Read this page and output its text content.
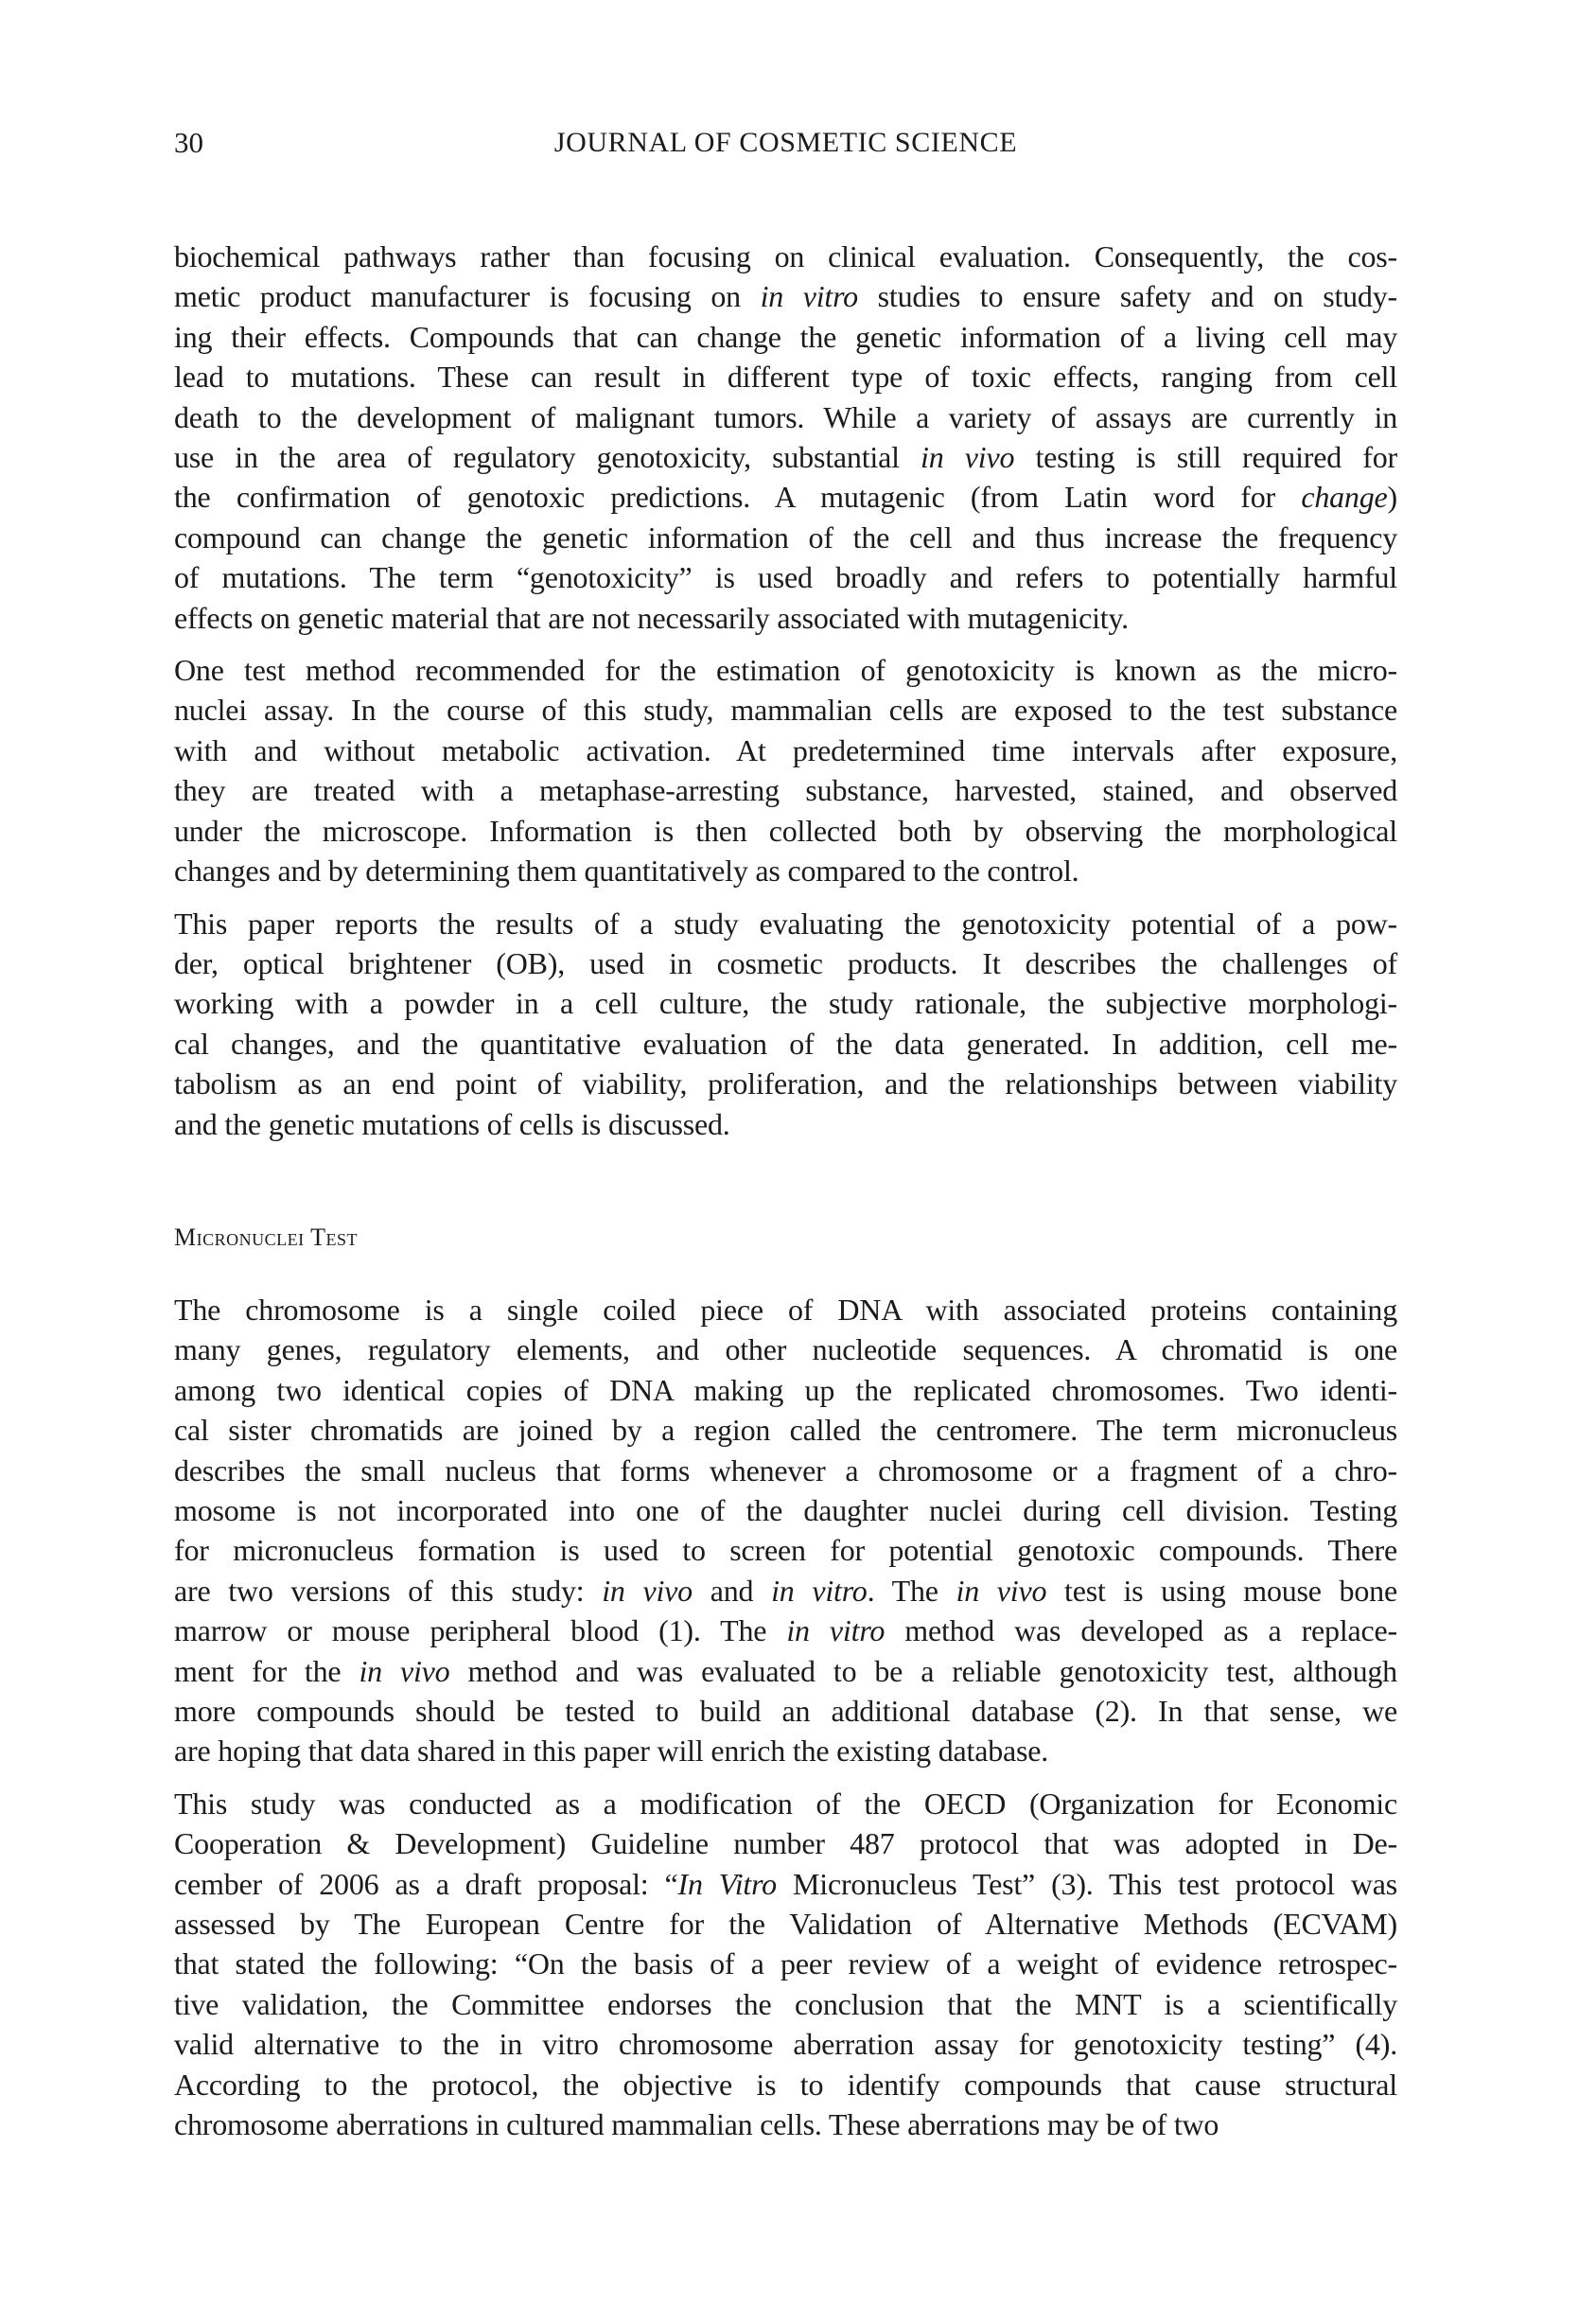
30	JOURNAL OF COSMETIC SCIENCE
biochemical pathways rather than focusing on clinical evaluation. Consequently, the cos-
metic product manufacturer is focusing on in vitro studies to ensure safety and on study-
ing their effects. Compounds that can change the genetic information of a living cell may
lead to mutations. These can result in different type of toxic effects, ranging from cell
death to the development of malignant tumors. While a variety of assays are currently in
use in the area of regulatory genotoxicity, substantial in vivo testing is still required for
the confirmation of genotoxic predictions. A mutagenic (from Latin word for change)
compound can change the genetic information of the cell and thus increase the frequency
of mutations. The term “genotoxicity” is used broadly and refers to potentially harmful
effects on genetic material that are not necessarily associated with mutagenicity.
One test method recommended for the estimation of genotoxicity is known as the micro-
nuclei assay. In the course of this study, mammalian cells are exposed to the test substance
with and without metabolic activation. At predetermined time intervals after exposure,
they are treated with a metaphase-arresting substance, harvested, stained, and observed
under the microscope. Information is then collected both by observing the morphological
changes and by determining them quantitatively as compared to the control.
This paper reports the results of a study evaluating the genotoxicity potential of a pow-
der, optical brightener (OB), used in cosmetic products. It describes the challenges of
working with a powder in a cell culture, the study rationale, the subjective morphologi-
cal changes, and the quantitative evaluation of the data generated. In addition, cell me-
tabolism as an end point of viability, proliferation, and the relationships between viability
and the genetic mutations of cells is discussed.
Micronuclei Test
The chromosome is a single coiled piece of DNA with associated proteins containing
many genes, regulatory elements, and other nucleotide sequences. A chromatid is one
among two identical copies of DNA making up the replicated chromosomes. Two identi-
cal sister chromatids are joined by a region called the centromere. The term micronucleus
describes the small nucleus that forms whenever a chromosome or a fragment of a chro-
mosome is not incorporated into one of the daughter nuclei during cell division. Testing
for micronucleus formation is used to screen for potential genotoxic compounds. There
are two versions of this study: in vivo and in vitro. The in vivo test is using mouse bone
marrow or mouse peripheral blood (1). The in vitro method was developed as a replace-
ment for the in vivo method and was evaluated to be a reliable genotoxicity test, although
more compounds should be tested to build an additional database (2). In that sense, we
are hoping that data shared in this paper will enrich the existing database.
This study was conducted as a modification of the OECD (Organization for Economic
Cooperation & Development) Guideline number 487 protocol that was adopted in De-
cember of 2006 as a draft proposal: “In Vitro Micronucleus Test” (3). This test protocol was
assessed by The European Centre for the Validation of Alternative Methods (ECVAM)
that stated the following: “On the basis of a peer review of a weight of evidence retrospec-
tive validation, the Committee endorses the conclusion that the MNT is a scientifically
valid alternative to the in vitro chromosome aberration assay for genotoxicity testing” (4).
According to the protocol, the objective is to identify compounds that cause structural
chromosome aberrations in cultured mammalian cells. These aberrations may be of two
